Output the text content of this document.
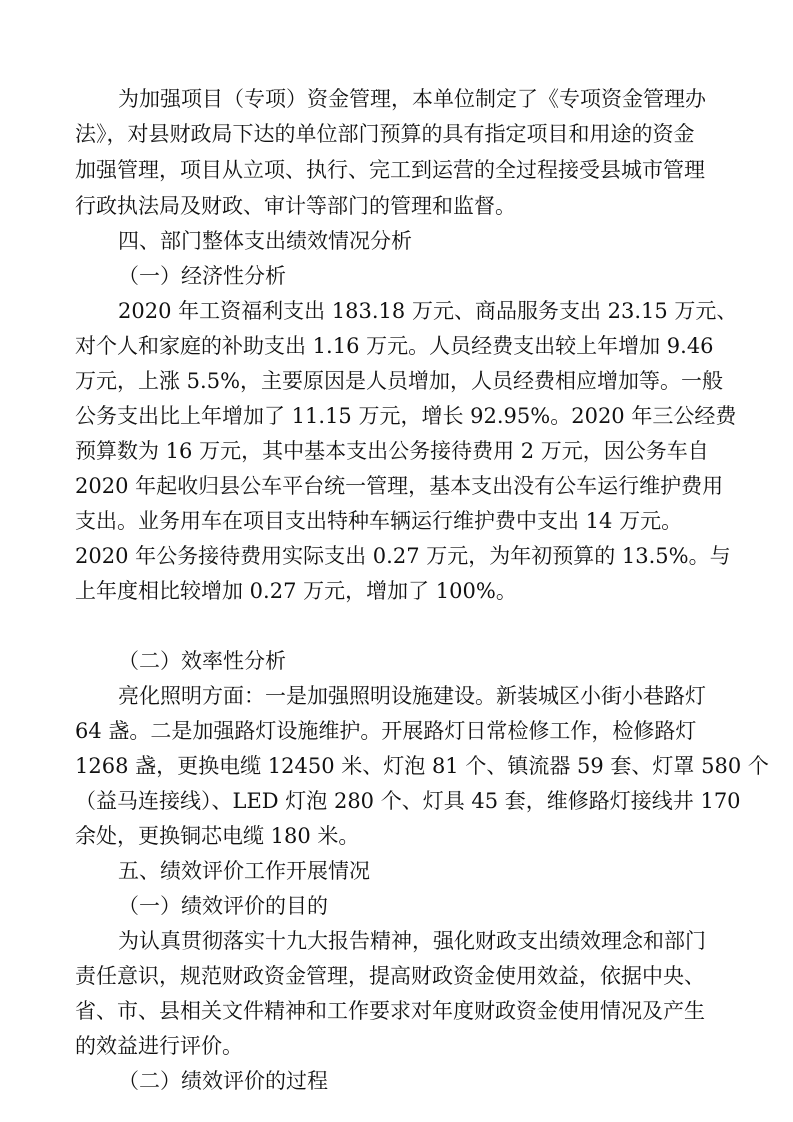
为加强项目（专项）资金管理，本单位制定了《专项资金管理办
法》，对县财政局下达的单位部门预算的具有指定项目和用途的资金
加强管理，项目从立项、执行、完工到运营的全过程接受县城市管理
行政执法局及财政、审计等部门的管理和监督。
四、部门整体支出绩效情况分析
（一）经济性分析
2020 年工资福利支出 183.18 万元、商品服务支出 23.15 万元、
对个人和家庭的补助支出 1.16 万元。人员经费支出较上年增加 9.46
万元，上涨 5.5%，主要原因是人员增加，人员经费相应增加等。一般
公务支出比上年增加了 11.15 万元，增长 92.95%。2020 年三公经费
预算数为 16 万元，其中基本支出公务接待费用 2 万元，因公务车自
2020 年起收归县公车平台统一管理，基本支出没有公车运行维护费用
支出。业务用车在项目支出特种车辆运行维护费中支出 14 万元。
2020 年公务接待费用实际支出 0.27 万元，为年初预算的 13.5%。与
上年度相比较增加 0.27 万元，增加了 100%。
（二）效率性分析
亮化照明方面：一是加强照明设施建设。新装城区小街小巷路灯
64 盏。二是加强路灯设施维护。开展路灯日常检修工作，检修路灯
1268 盏，更换电缆 12450 米、灯泡 81 个、镇流器 59 套、灯罩 580 个
（益马连接线）、LED 灯泡 280 个、灯具 45 套，维修路灯接线井 170
余处，更换铜芯电缆 180 米。
五、绩效评价工作开展情况
（一）绩效评价的目的
为认真贯彻落实十九大报告精神，强化财政支出绩效理念和部门
责任意识，规范财政资金管理，提高财政资金使用效益，依据中央、
省、市、县相关文件精神和工作要求对年度财政资金使用情况及产生
的效益进行评价。
（二）绩效评价的过程
